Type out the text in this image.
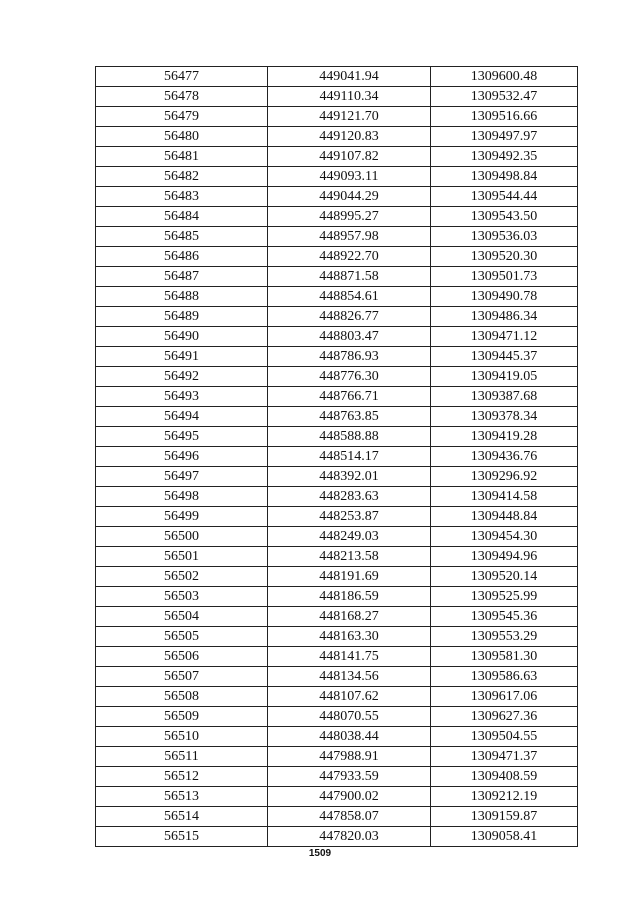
56477	449041.94	1309600.48
56478	449110.34	1309532.47
56479	449121.70	1309516.66
56480	449120.83	1309497.97
56481	449107.82	1309492.35
56482	449093.11	1309498.84
56483	449044.29	1309544.44
56484	448995.27	1309543.50
56485	448957.98	1309536.03
56486	448922.70	1309520.30
56487	448871.58	1309501.73
56488	448854.61	1309490.78
56489	448826.77	1309486.34
56490	448803.47	1309471.12
56491	448786.93	1309445.37
56492	448776.30	1309419.05
56493	448766.71	1309387.68
56494	448763.85	1309378.34
56495	448588.88	1309419.28
56496	448514.17	1309436.76
56497	448392.01	1309296.92
56498	448283.63	1309414.58
56499	448253.87	1309448.84
56500	448249.03	1309454.30
56501	448213.58	1309494.96
56502	448191.69	1309520.14
56503	448186.59	1309525.99
56504	448168.27	1309545.36
56505	448163.30	1309553.29
56506	448141.75	1309581.30
56507	448134.56	1309586.63
56508	448107.62	1309617.06
56509	448070.55	1309627.36
56510	448038.44	1309504.55
56511	447988.91	1309471.37
56512	447933.59	1309408.59
56513	447900.02	1309212.19
56514	447858.07	1309159.87
56515	447820.03	1309058.41
1509
